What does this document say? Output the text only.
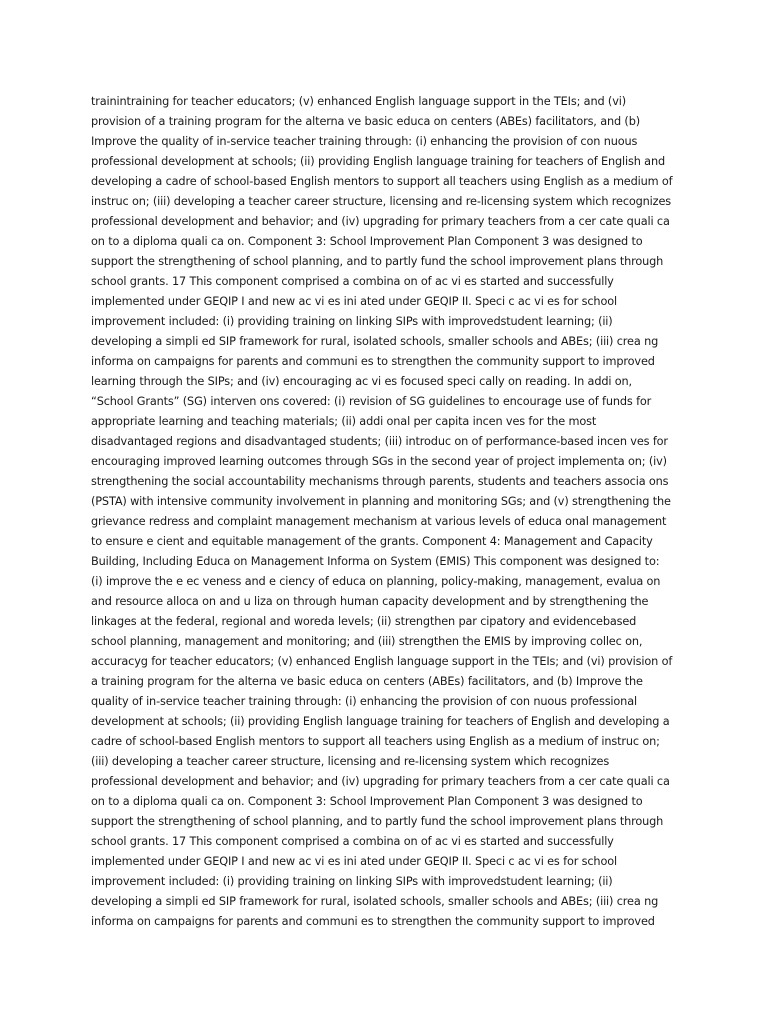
trainintraining for teacher educators; (v) enhanced English language support in the TEIs; and (vi)
provision of a training program for the alterna ve basic educa on centers (ABEs) facilitators, and (b)
Improve the quality of in-service teacher training through: (i) enhancing the provision of con nuous
professional development at schools; (ii) providing English language training for teachers of English and
developing a cadre of school-based English mentors to support all teachers using English as a medium of
instruc on; (iii) developing a teacher career structure, licensing and re-licensing system which recognizes
professional development and behavior; and (iv) upgrading for primary teachers from a cer cate quali ca
on to a diploma quali ca on. Component 3: School Improvement Plan Component 3 was designed to
support the strengthening of school planning, and to partly fund the school improvement plans through
school grants. 17 This component comprised a combina on of ac vi es started and successfully
implemented under GEQIP I and new ac vi es ini ated under GEQIP II. Speci c ac vi es for school
improvement included: (i) providing training on linking SIPs with improvedstudent learning; (ii)
developing a simpli ed SIP framework for rural, isolated schools, smaller schools and ABEs; (iii) crea ng
informa on campaigns for parents and communi es to strengthen the community support to improved
learning through the SIPs; and (iv) encouraging ac vi es focused speci cally on reading. In addi on,
“School Grants” (SG) interven ons covered: (i) revision of SG guidelines to encourage use of funds for
appropriate learning and teaching materials; (ii) addi onal per capita incen ves for the most
disadvantaged regions and disadvantaged students; (iii) introduc on of performance-based incen ves for
encouraging improved learning outcomes through SGs in the second year of project implementa on; (iv)
strengthening the social accountability mechanisms through parents, students and teachers associa ons
(PSTA) with intensive community involvement in planning and monitoring SGs; and (v) strengthening the
grievance redress and complaint management mechanism at various levels of educa onal management
to ensure e cient and equitable management of the grants. Component 4: Management and Capacity
Building, Including Educa on Management Informa on System (EMIS) This component was designed to:
(i) improve the e ec veness and e ciency of educa on planning, policy-making, management, evalua on
and resource alloca on and u liza on through human capacity development and by strengthening the
linkages at the federal, regional and woreda levels; (ii) strengthen par cipatory and evidencebased
school planning, management and monitoring; and (iii) strengthen the EMIS by improving collec on,
accuracyg for teacher educators; (v) enhanced English language support in the TEIs; and (vi) provision of
a training program for the alterna ve basic educa on centers (ABEs) facilitators, and (b) Improve the
quality of in-service teacher training through: (i) enhancing the provision of con nuous professional
development at schools; (ii) providing English language training for teachers of English and developing a
cadre of school-based English mentors to support all teachers using English as a medium of instruc on;
(iii) developing a teacher career structure, licensing and re-licensing system which recognizes
professional development and behavior; and (iv) upgrading for primary teachers from a cer cate quali ca
on to a diploma quali ca on. Component 3: School Improvement Plan Component 3 was designed to
support the strengthening of school planning, and to partly fund the school improvement plans through
school grants. 17 This component comprised a combina on of ac vi es started and successfully
implemented under GEQIP I and new ac vi es ini ated under GEQIP II. Speci c ac vi es for school
improvement included: (i) providing training on linking SIPs with improvedstudent learning; (ii)
developing a simpli ed SIP framework for rural, isolated schools, smaller schools and ABEs; (iii) crea ng
informa on campaigns for parents and communi es to strengthen the community support to improved
